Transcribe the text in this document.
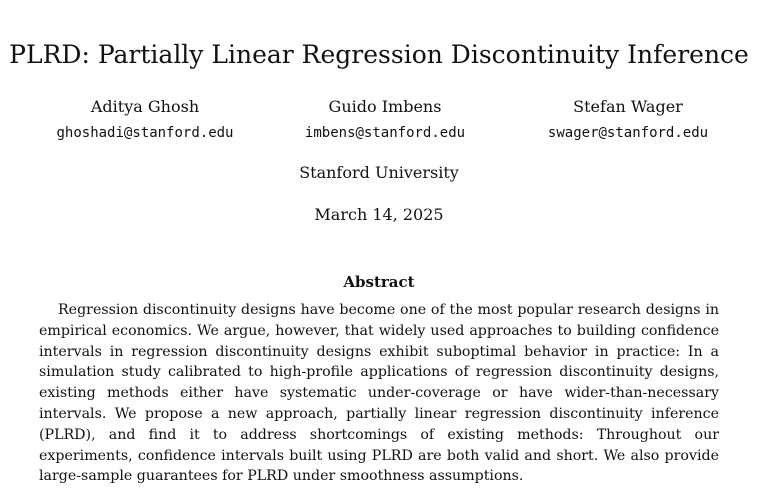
PLRD: Partially Linear Regression Discontinuity Inference
Aditya Ghosh
ghoshadi@stanford.edu
Guido Imbens
imbens@stanford.edu
Stefan Wager
swager@stanford.edu
Stanford University
March 14, 2025
Abstract

Regression discontinuity designs have become one of the most popular research designs in empirical economics. We argue, however, that widely used approaches to building confidence intervals in regression discontinuity designs exhibit suboptimal behavior in practice: In a simulation study calibrated to high-profile applications of regression discontinuity designs, existing methods either have systematic under-coverage or have wider-than-necessary intervals. We propose a new approach, partially linear regression discontinuity inference (PLRD), and find it to address shortcomings of existing methods: Throughout our experiments, confidence intervals built using PLRD are both valid and short. We also provide large-sample guarantees for PLRD under smoothness assumptions.
